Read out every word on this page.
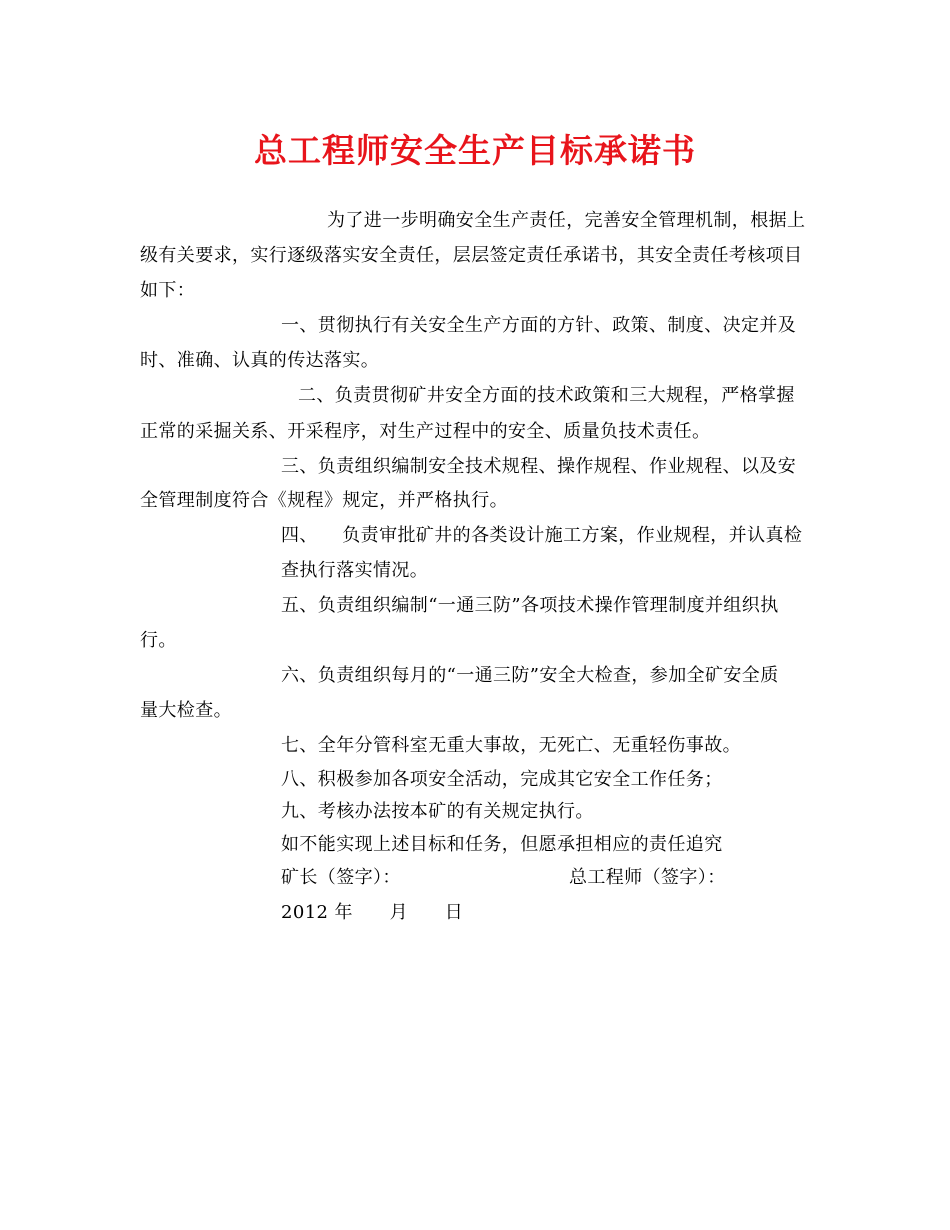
总工程师安全生产目标承诺书
为了进一步明确安全生产责任，完善安全管理机制，根据上
级有关要求，实行逐级落实安全责任，层层签定责任承诺书，其安全责任考核项目
如下：
一、贯彻执行有关安全生产方面的方针、政策、制度、决定并及
时、准确、认真的传达落实。
二、负责贯彻矿井安全方面的技术政策和三大规程，严格掌握
正常的采掘关系、开采程序，对生产过程中的安全、质量负技术责任。
三、负责组织编制安全技术规程、操作规程、作业规程、以及安
全管理制度符合《规程》规定，并严格执行。
四、    负责审批矿井的各类设计施工方案，作业规程，并认真检
查执行落实情况。
五、负责组织编制“一通三防”各项技术操作管理制度并组织执
行。
六、负责组织每月的“一通三防”安全大检查，参加全矿安全质
量大检查。
七、全年分管科室无重大事故，无死亡、无重轻伤事故。
八、积极参加各项安全活动，完成其它安全工作任务；
九、考核办法按本矿的有关规定执行。
如不能实现上述目标和任务，但愿承担相应的责任追究
矿长（签字）：	总工程师（签字）：
2012 年      月      日
